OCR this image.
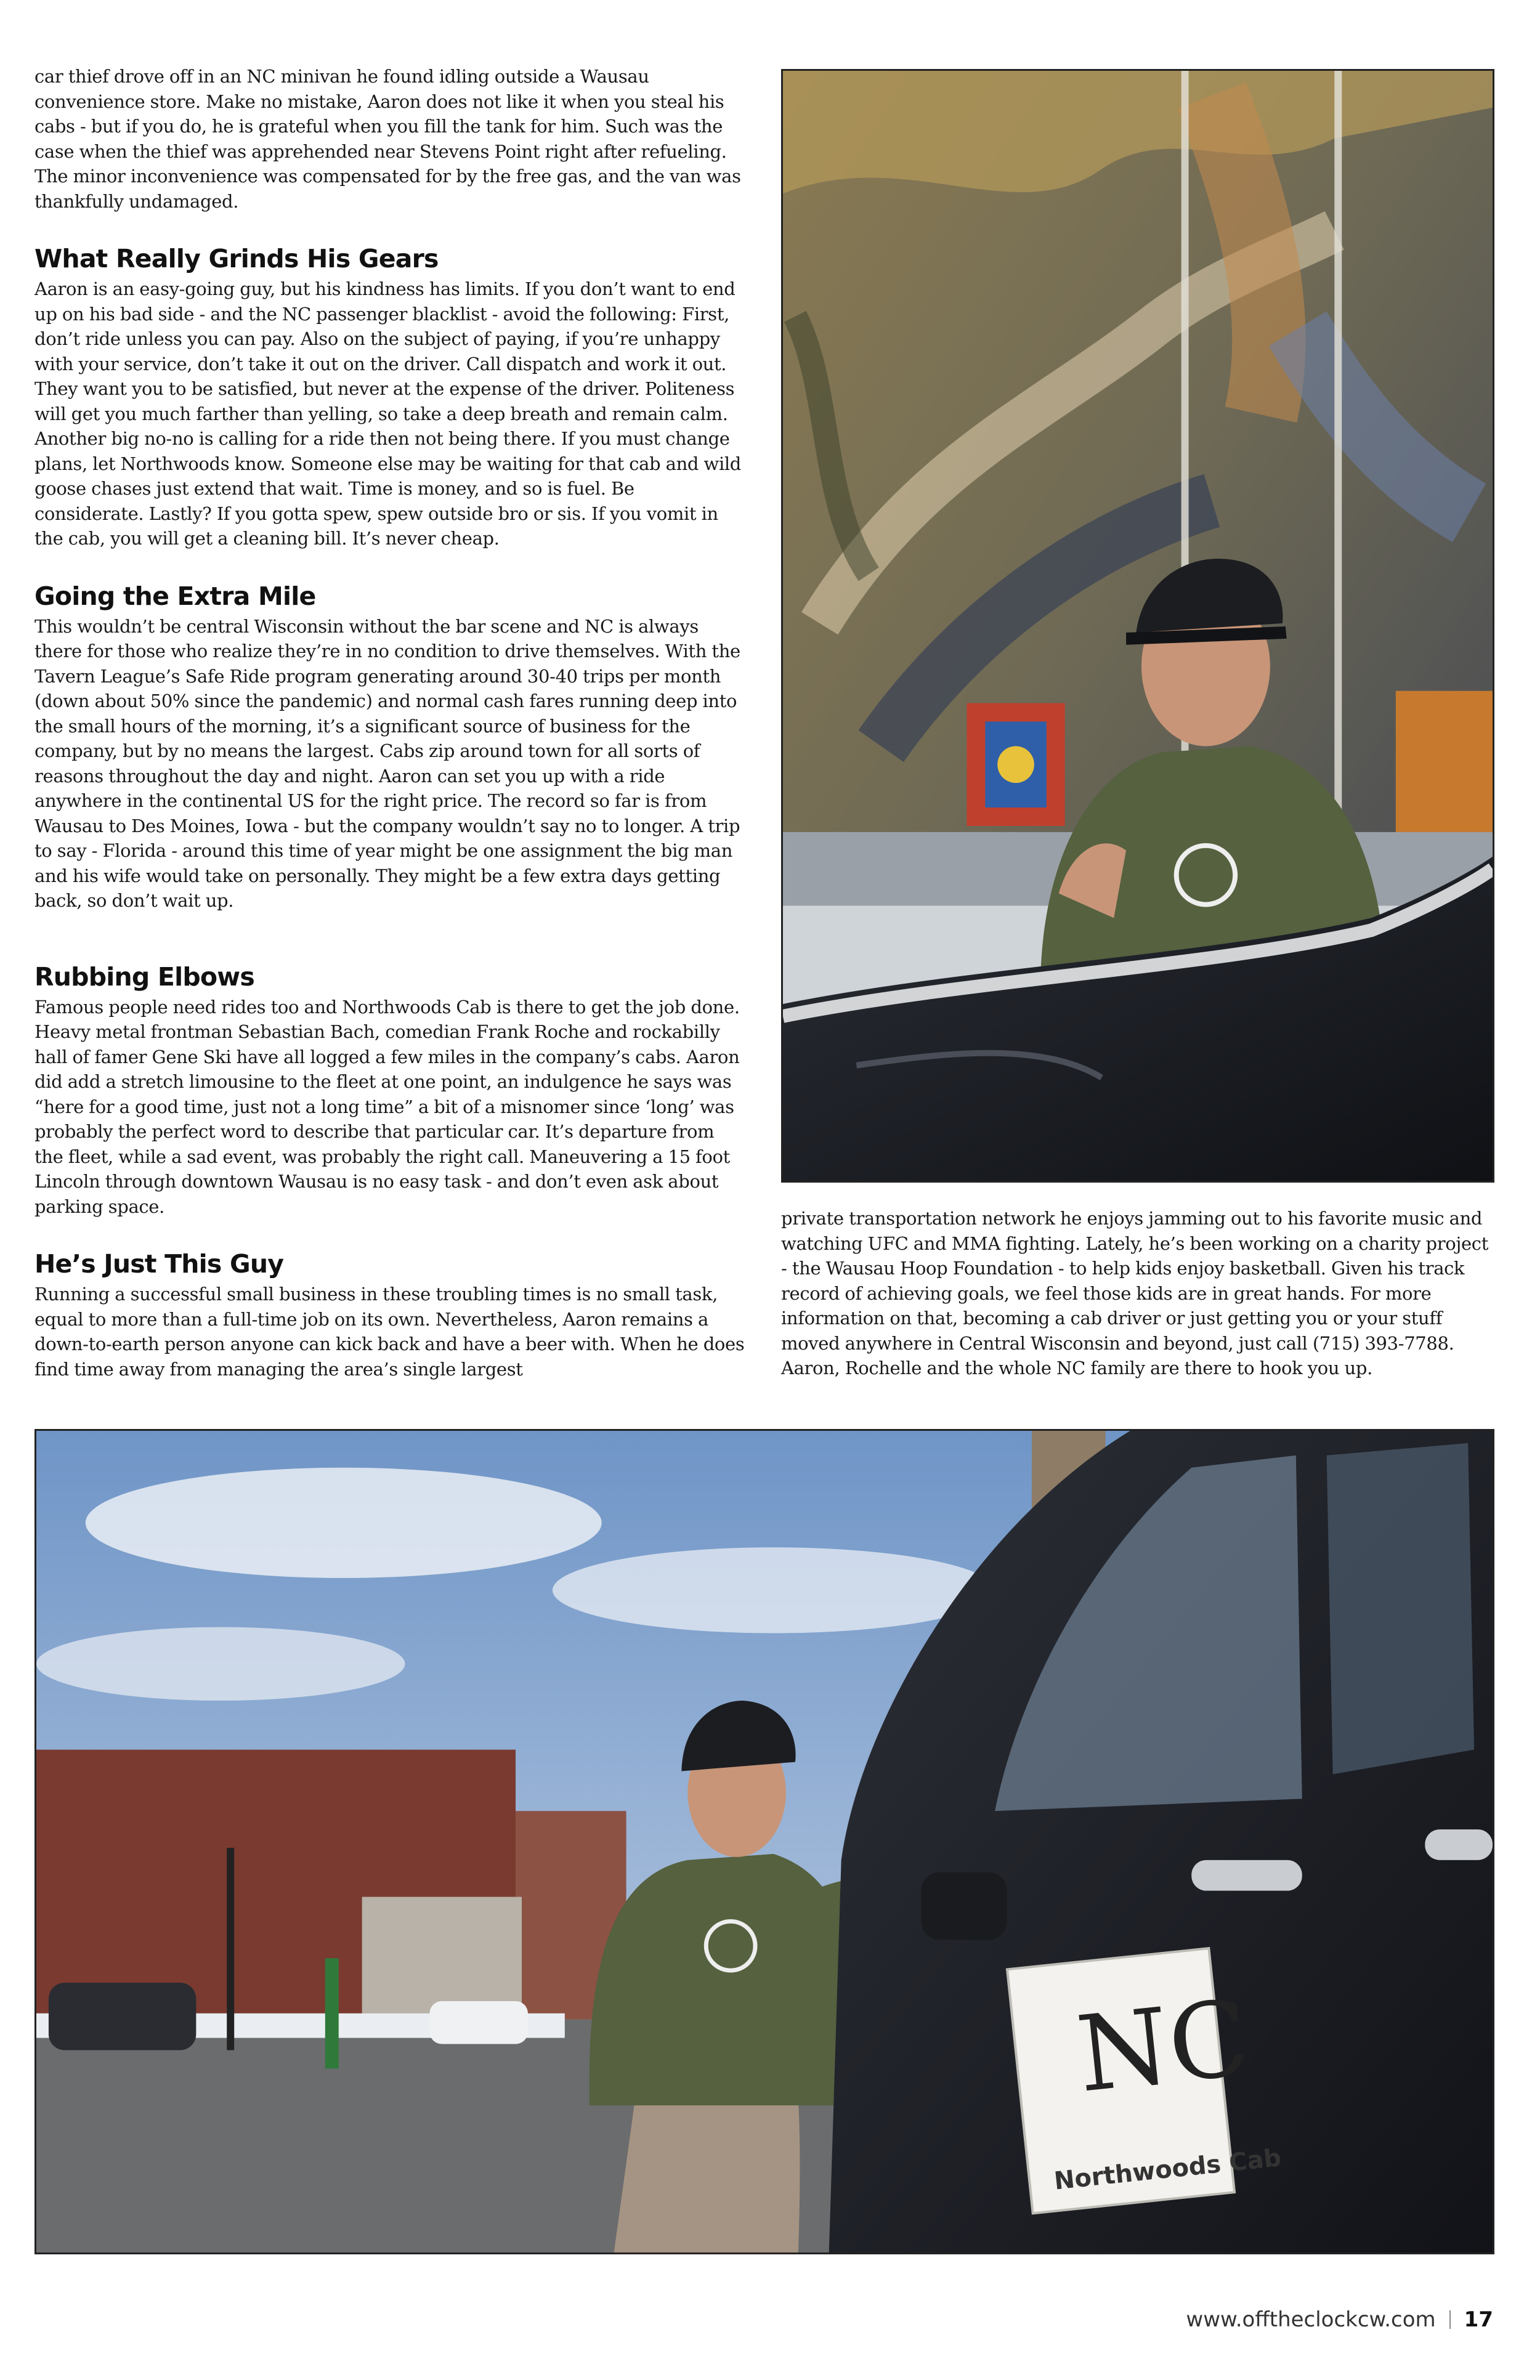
car thief drove off in an NC minivan he found idling outside a Wausau convenience store. Make no mistake, Aaron does not like it when you steal his cabs - but if you do, he is grateful when you fill the tank for him. Such was the case when the thief was apprehended near Stevens Point right after refueling. The minor inconvenience was compensated for by the free gas, and the van was thankfully undamaged.

What Really Grinds His Gears

Aaron is an easy-going guy, but his kindness has limits. If you don’t want to end up on his bad side - and the NC passenger blacklist - avoid the following: First, don’t ride unless you can pay. Also on the subject of paying, if you’re unhappy with your service, don’t take it out on the driver. Call dispatch and work it out. They want you to be satisfied, but never at the expense of the driver. Politeness will get you much farther than yelling, so take a deep breath and remain calm. Another big no-no is calling for a ride then not being there. If you must change plans, let Northwoods know. Someone else may be waiting for that cab and wild goose chases just extend that wait. Time is money, and so is fuel. Be considerate. Lastly? If you gotta spew, spew outside bro or sis. If you vomit in the cab, you will get a cleaning bill. It’s never cheap.

Going the Extra Mile

This wouldn’t be central Wisconsin without the bar scene and NC is always there for those who realize they’re in no condition to drive themselves. With the Tavern League’s Safe Ride program generating around 30-40 trips per month (down about 50% since the pandemic) and normal cash fares running deep into the small hours of the morning, it’s a significant source of business for the company, but by no means the largest. Cabs zip around town for all sorts of reasons throughout the day and night. Aaron can set you up with a ride anywhere in the continental US for the right price. The record so far is from Wausau to Des Moines, Iowa - but the company wouldn’t say no to longer. A trip to say - Florida - around this time of year might be one assignment the big man and his wife would take on personally. They might be a few extra days getting back, so don’t wait up.

Rubbing Elbows

Famous people need rides too and Northwoods Cab is there to get the job done. Heavy metal frontman Sebastian Bach, comedian Frank Roche and rockabilly hall of famer Gene Ski have all logged a few miles in the company’s cabs. Aaron did add a stretch limousine to the fleet at one point, an indulgence he says was “here for a good time, just not a long time” a bit of a misnomer since ‘long’ was probably the perfect word to describe that particular car. It’s departure from the fleet, while a sad event, was probably the right call. Maneuvering a 15 foot Lincoln through downtown Wausau is no easy task - and don’t even ask about parking space.

He’s Just This Guy

Running a successful small business in these troubling times is no small task, equal to more than a full-time job on its own. Nevertheless, Aaron remains a down-to-earth person anyone can kick back and have a beer with. When he does find time away from managing the area’s single largest

private transportation network he enjoys jamming out to his favorite music and watching UFC and MMA fighting. Lately, he’s been working on a charity project - the Wausau Hoop Foundation - to help kids enjoy basketball. Given his track record of achieving goals, we feel those kids are in great hands. For more information on that, becoming a cab driver or just getting you or your stuff moved anywhere in Central Wisconsin and beyond, just call (715) 393-7788. Aaron, Rochelle and the whole NC family are there to hook you up.

NC
Northwoods Cab
www.offtheclockcw.com 17
